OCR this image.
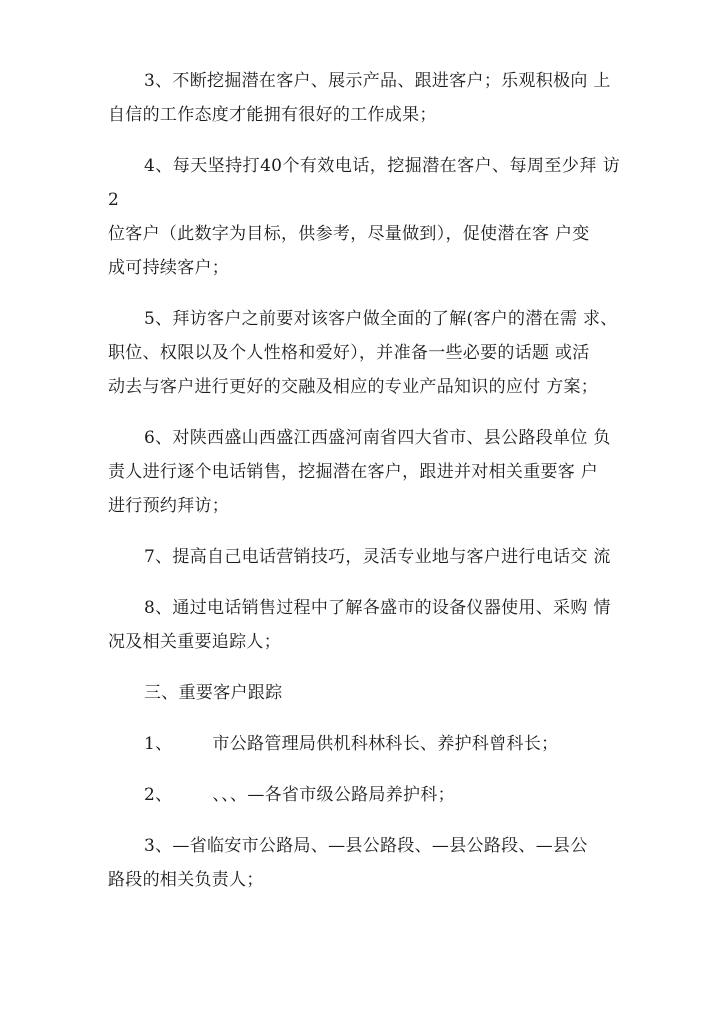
3、不断挖掘潜在客户、展示产品、跟进客户；乐观积极向 上
自信的工作态度才能拥有很好的工作成果；
4、每天坚持打40个有效电话，挖掘潜在客户、每周至少拜 访2
位客户（此数字为目标，供参考，尽量做到），促使潜在客 户变
成可持续客户；
5、拜访客户之前要对该客户做全面的了解(客户的潜在需 求、
职位、权限以及个人性格和爱好），并准备一些必要的话题 或活
动去与客户进行更好的交融及相应的专业产品知识的应付 方案；
6、对陕西盛山西盛江西盛河南省四大省市、县公路段单位 负
责人进行逐个电话销售，挖掘潜在客户，跟进并对相关重要客 户
进行预约拜访；
7、提高自己电话营销技巧，灵活专业地与客户进行电话交 流
8、通过电话销售过程中了解各盛市的设备仪器使用、采购 情
况及相关重要追踪人；
三、重要客户跟踪
1、 市公路管理局供机科林科长、养护科曾科长；
2、 、、、—各省市级公路局养护科；
3、—省临安市公路局、—县公路段、—县公路段、—县公
路段的相关负责人；
